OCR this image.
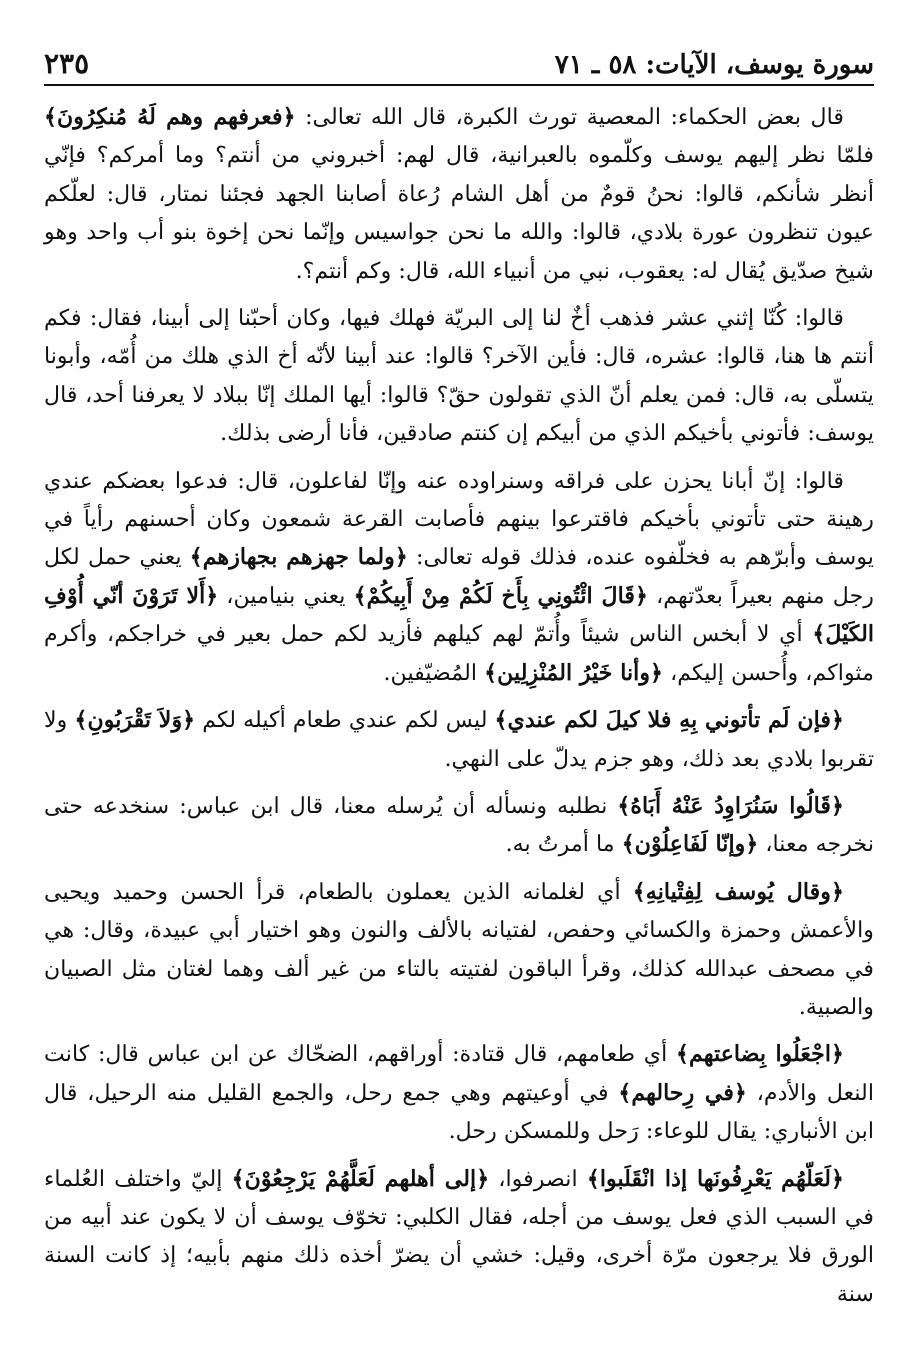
سورة يوسف، الآيات: ٥٨ ـ ٧١
٢٣٥

قال بعض الحكماء: المعصية تورث الكبرة، قال الله تعالى: ﴿فعرفهم وهم لَهُ مُنكِرُونَ﴾ فلمّا نظر إليهم يوسف وكلّموه بالعبرانية، قال لهم: أخبروني من أنتم؟ وما أمركم؟ فإنّي أنظر شأنكم، قالوا: نحنُ قومٌ من أهل الشام رُعاة أصابنا الجهد فجئنا نمتار، قال: لعلّكم عيون تنظرون عورة بلادي، قالوا: والله ما نحن جواسيس وإنّما نحن إخوة بنو أب واحد وهو شيخ صدّيق يُقال له: يعقوب، نبي من أنبياء الله، قال: وكم أنتم؟.

قالوا: كُنّا إثني عشر فذهب أخٌ لنا إلى البريّة فهلك فيها، وكان أحبّنا إلى أبينا، فقال: فكم أنتم ها هنا، قالوا: عشره، قال: فأين الآخر؟ قالوا: عند أبينا لأنّه أخ الذي هلك من أُمّه، وأبونا يتسلّى به، قال: فمن يعلم أنّ الذي تقولون حقّ؟ قالوا: أيها الملك إنّا ببلاد لا يعرفنا أحد، قال يوسف: فأتوني بأخيكم الذي من أبيكم إن كنتم صادقين، فأنا أرضى بذلك.

قالوا: إنّ أبانا يحزن على فراقه وسنراوده عنه وإنّا لفاعلون، قال: فدعوا بعضكم عندي رهينة حتى تأتوني بأخيكم فاقترعوا بينهم فأصابت القرعة شمعون وكان أحسنهم رأياً في يوسف وأبرّهم به فخلّفوه عنده، فذلك قوله تعالى: ﴿ولما جهزهم بجهازهم﴾ يعني حمل لكل رجل منهم بعيراً بعدّتهم، ﴿قَالَ ائْتُونِي بِأَخ لَكُمْ مِنْ أَبِيكُمْ﴾ يعني بنيامين، ﴿أَلا تَرَوْنَ أنّي أُوْفِ الكَيْلَ﴾ أي لا أبخس الناس شيئاً وأُتمّ لهم كيلهم فأزيد لكم حمل بعير في خراجكم، وأكرم مثواكم، وأُحسن إليكم، ﴿وأنا خَيْرُ المُنْزِلِين﴾ المُضيّفين.

﴿فإن لَم تأتوني بِهِ فلا كيلَ لكم عندي﴾ ليس لكم عندي طعام أكيله لكم ﴿وَلاَ تَقْرَبُونِ﴾ ولا تقربوا بلادي بعد ذلك، وهو جزم يدلّ على النهي.

﴿قَالُوا سَنُرَاوِدُ عَنْهُ أَبَاهُ﴾ نطلبه ونسأله أن يُرسله معنا، قال ابن عباس: سنخدعه حتى نخرجه معنا، ﴿وإنّا لَفَاعِلُوْن﴾ ما أمرتُ به.

﴿وقال يُوسف لِفِتْيانِهِ﴾ أي لغلمانه الذين يعملون بالطعام، قرأ الحسن وحميد ويحيى والأعمش وحمزة والكسائي وحفص، لفتيانه بالألف والنون وهو اختيار أبي عبيدة، وقال: هي في مصحف عبدالله كذلك، وقرأ الباقون لفتيته بالتاء من غير ألف وهما لغتان مثل الصبيان والصبية.

﴿اجْعَلُوا بِضاعتهم﴾ أي طعامهم، قال قتادة: أوراقهم، الضحّاك عن ابن عباس قال: كانت النعل والأدم، ﴿في رِحالهم﴾ في أوعيتهم وهي جمع رحل، والجمع القليل منه الرحيل، قال ابن الأنباري: يقال للوعاء: رَحل وللمسكن رحل.

﴿لَعَلّهُم يَعْرِفُونَها إذا انْقَلَبوا﴾ انصرفوا، ﴿إلى أهلهم لَعَلَّهُمْ يَرْجِعُوْنَ﴾ إليّ واختلف العُلماء في السبب الذي فعل يوسف من أجله، فقال الكلبي: تخوّف يوسف أن لا يكون عند أبيه من الورق فلا يرجعون مرّة أخرى، وقيل: خشي أن يضرّ أخذه ذلك منهم بأبيه؛ إذ كانت السنة سنة
